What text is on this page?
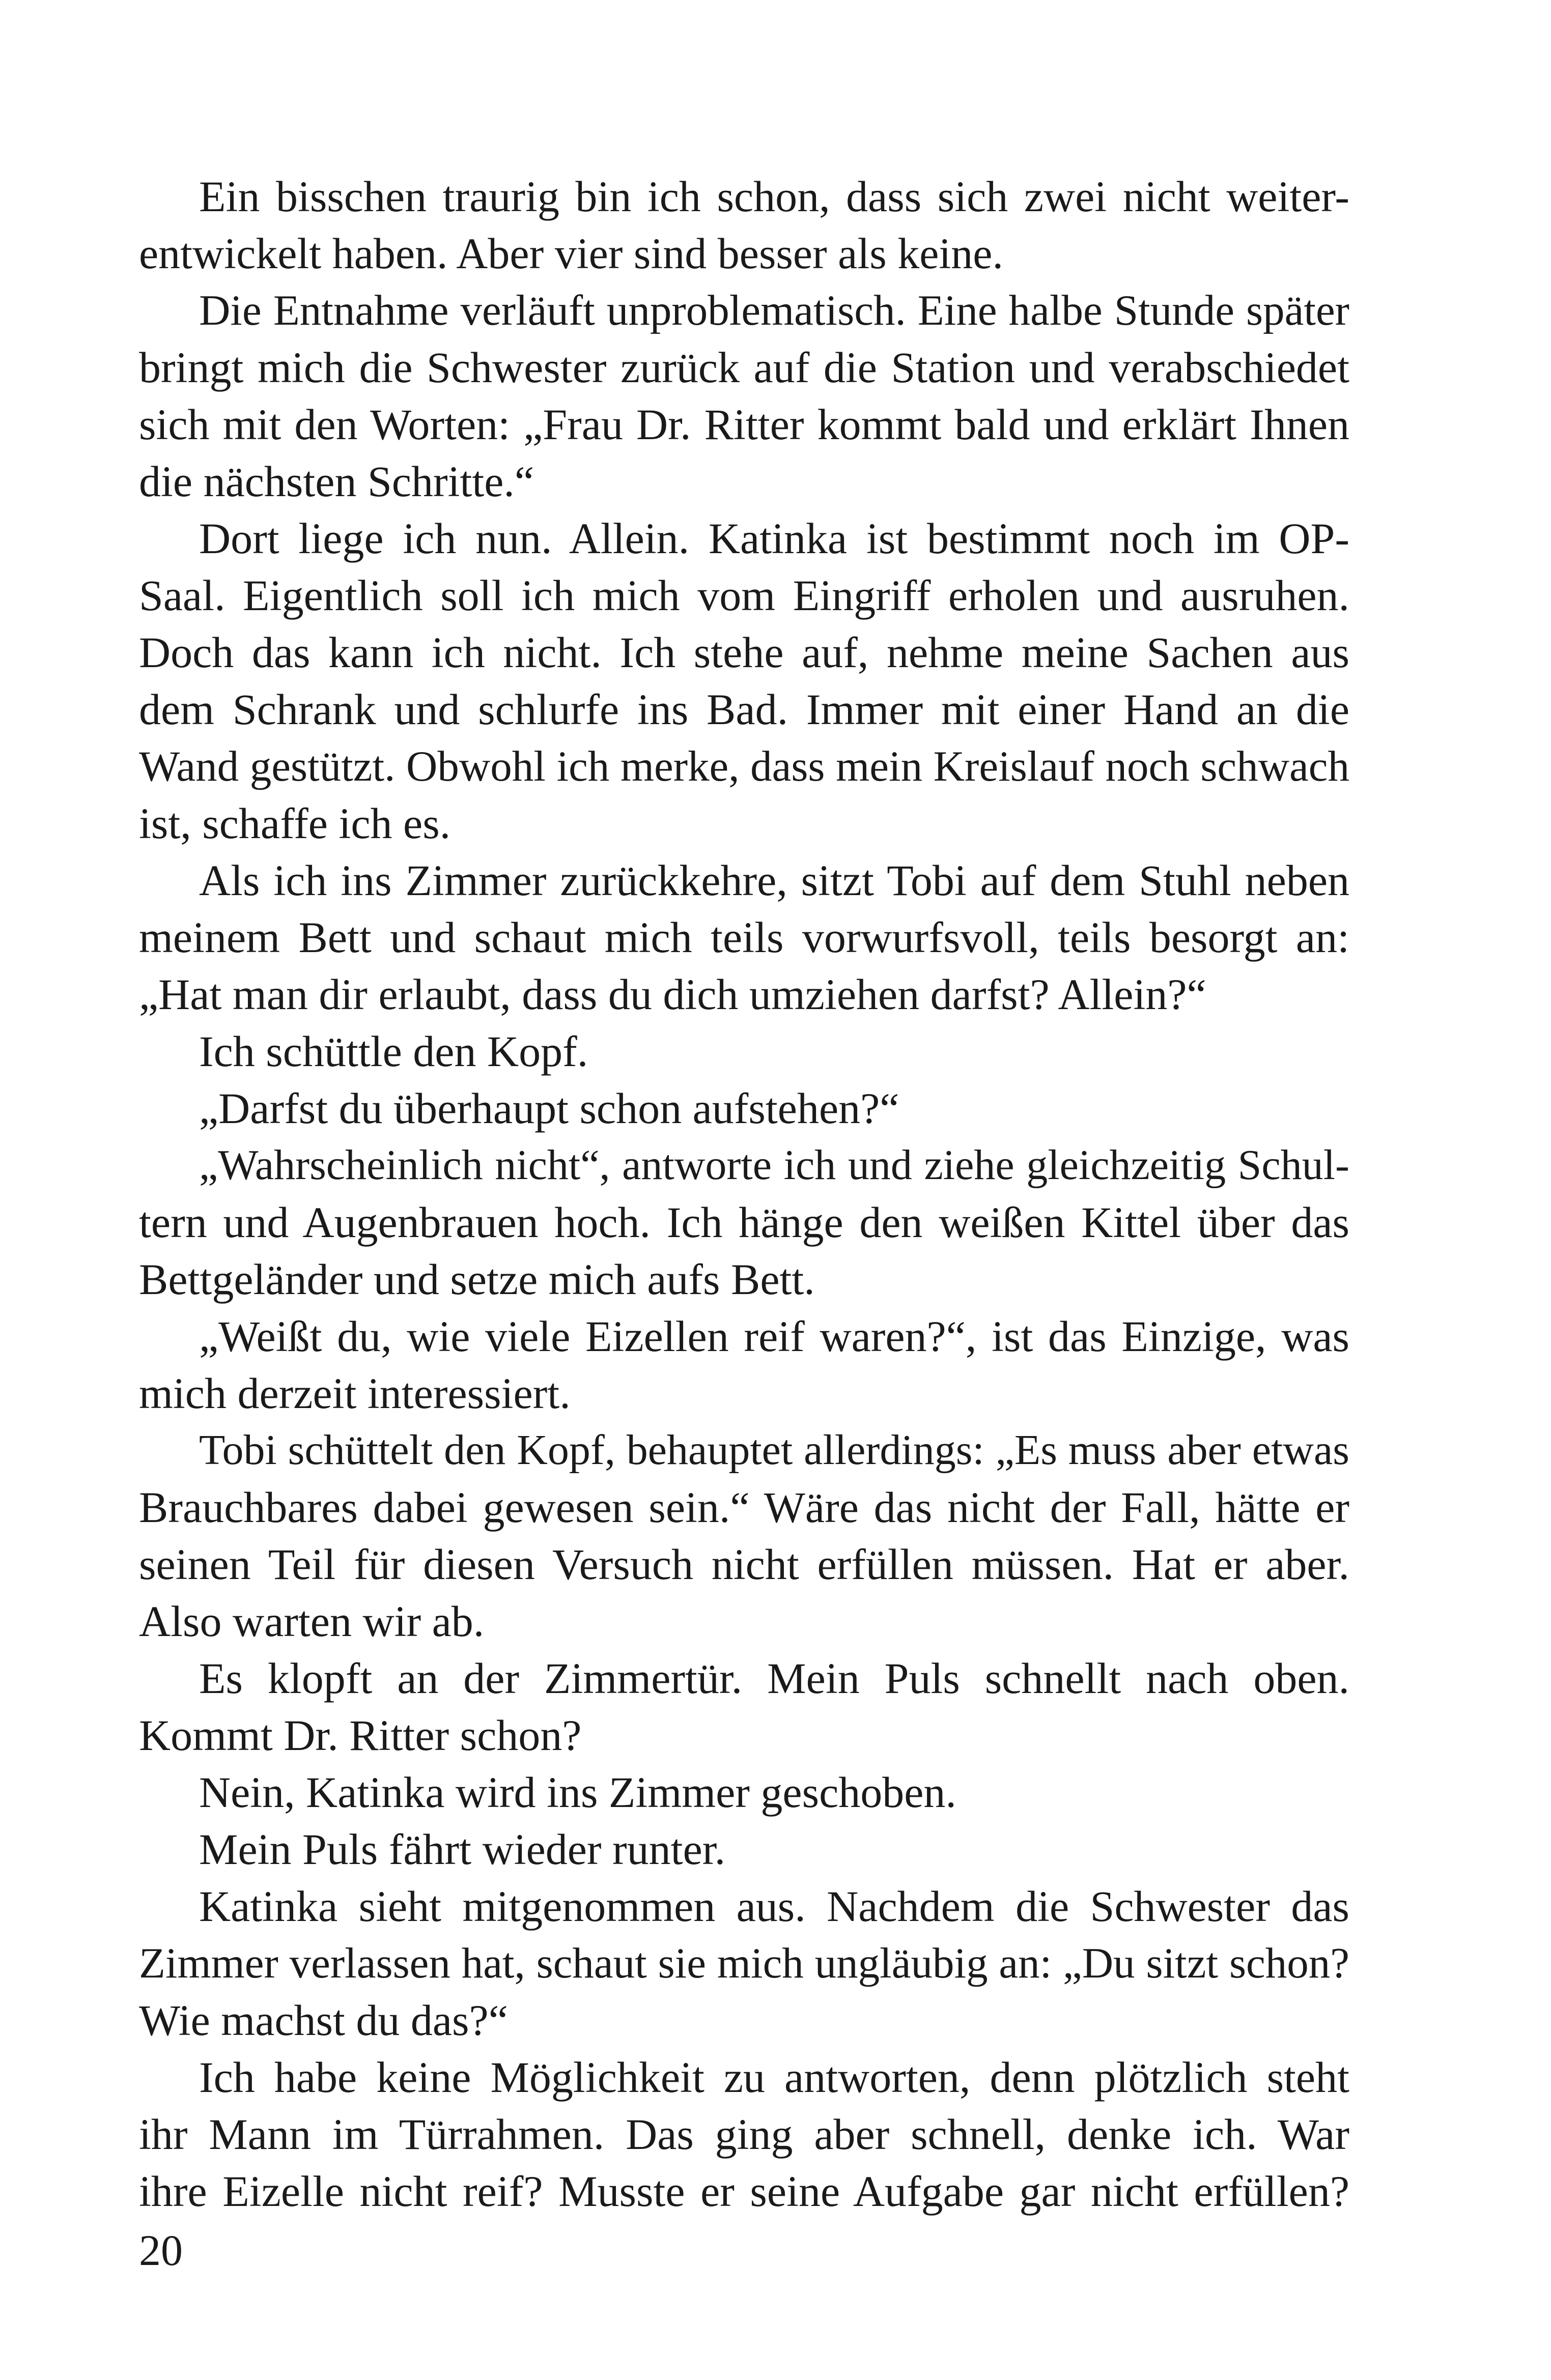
Ein bisschen traurig bin ich schon, dass sich zwei nicht weiter-
entwickelt haben. Aber vier sind besser als keine.
Die Entnahme verläuft unproblematisch. Eine halbe Stunde später
bringt mich die Schwester zurück auf die Station und verabschiedet
sich mit den Worten: „Frau Dr. Ritter kommt bald und erklärt Ihnen
die nächsten Schritte.“
Dort liege ich nun. Allein. Katinka ist bestimmt noch im OP-
Saal. Eigentlich soll ich mich vom Eingriff erholen und ausruhen.
Doch das kann ich nicht. Ich stehe auf, nehme meine Sachen aus
dem Schrank und schlurfe ins Bad. Immer mit einer Hand an die
Wand gestützt. Obwohl ich merke, dass mein Kreislauf noch schwach
ist, schaffe ich es.
Als ich ins Zimmer zurückkehre, sitzt Tobi auf dem Stuhl neben
meinem Bett und schaut mich teils vorwurfsvoll, teils besorgt an:
„Hat man dir erlaubt, dass du dich umziehen darfst? Allein?“
Ich schüttle den Kopf.
„Darfst du überhaupt schon aufstehen?“
„Wahrscheinlich nicht“, antworte ich und ziehe gleichzeitig Schul-
tern und Augenbrauen hoch. Ich hänge den weißen Kittel über das
Bettgeländer und setze mich aufs Bett.
„Weißt du, wie viele Eizellen reif waren?“, ist das Einzige, was
mich derzeit interessiert.
Tobi schüttelt den Kopf, behauptet allerdings: „Es muss aber etwas
Brauchbares dabei gewesen sein.“ Wäre das nicht der Fall, hätte er
seinen Teil für diesen Versuch nicht erfüllen müssen. Hat er aber.
Also warten wir ab.
Es klopft an der Zimmertür. Mein Puls schnellt nach oben.
Kommt Dr. Ritter schon?
Nein, Katinka wird ins Zimmer geschoben.
Mein Puls fährt wieder runter.
Katinka sieht mitgenommen aus. Nachdem die Schwester das
Zimmer verlassen hat, schaut sie mich ungläubig an: „Du sitzt schon?
Wie machst du das?“
Ich habe keine Möglichkeit zu antworten, denn plötzlich steht
ihr Mann im Türrahmen. Das ging aber schnell, denke ich. War
ihre Eizelle nicht reif? Musste er seine Aufgabe gar nicht erfüllen?
20
